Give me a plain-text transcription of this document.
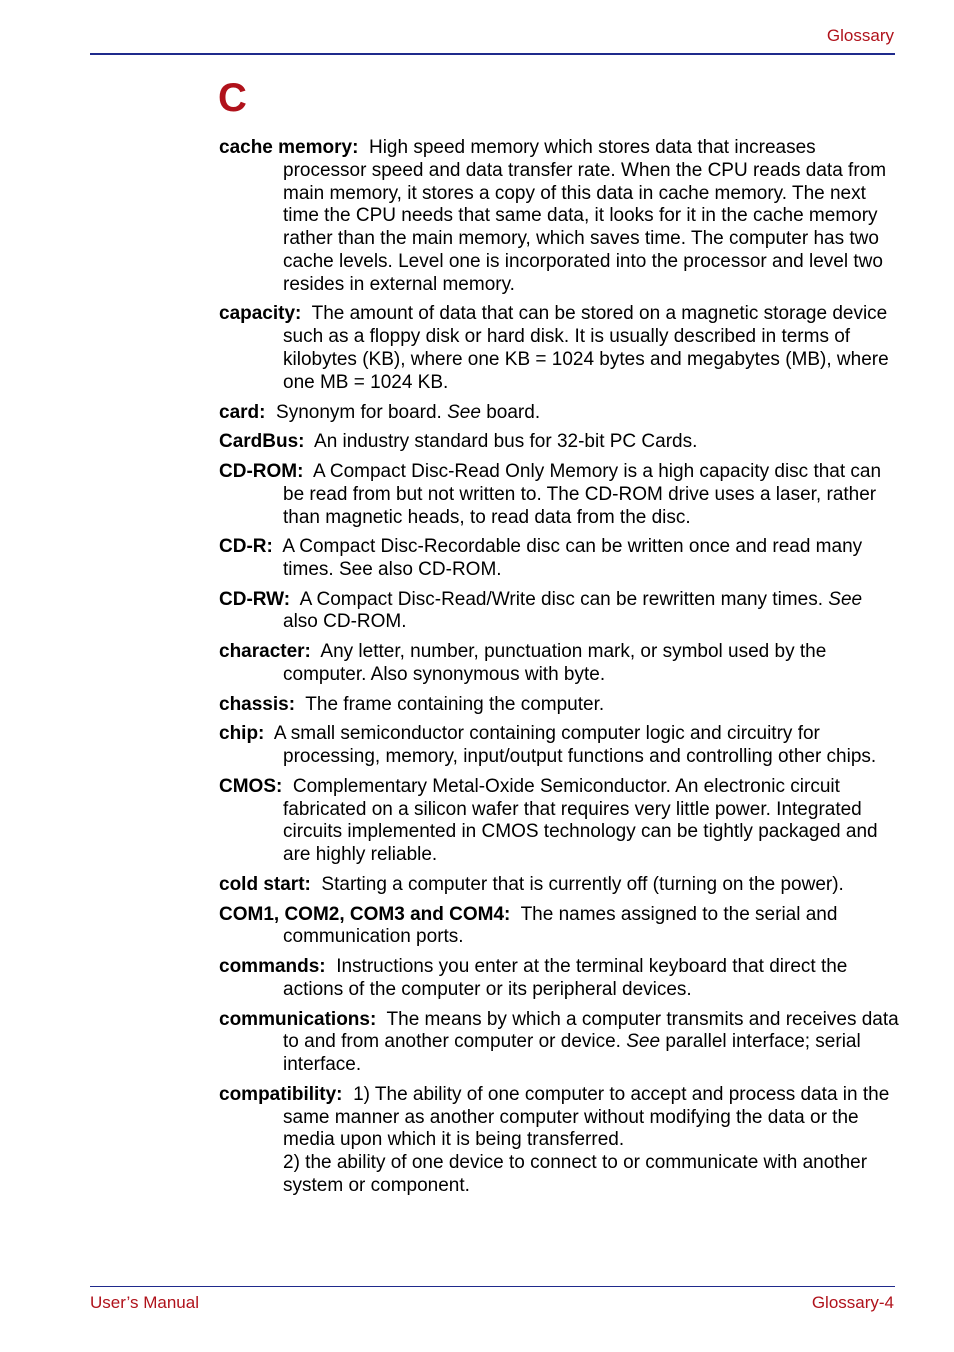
Glossary
C

cache memory: High speed memory which stores data that increases processor speed and data transfer rate. When the CPU reads data from main memory, it stores a copy of this data in cache memory. The next time the CPU needs that same data, it looks for it in the cache memory rather than the main memory, which saves time. The computer has two cache levels. Level one is incorporated into the processor and level two resides in external memory.

capacity: The amount of data that can be stored on a magnetic storage device such as a floppy disk or hard disk. It is usually described in terms of kilobytes (KB), where one KB = 1024 bytes and megabytes (MB), where one MB = 1024 KB.

card: Synonym for board. See board.

CardBus: An industry standard bus for 32-bit PC Cards.

CD-ROM: A Compact Disc-Read Only Memory is a high capacity disc that can be read from but not written to. The CD-ROM drive uses a laser, rather than magnetic heads, to read data from the disc.

CD-R: A Compact Disc-Recordable disc can be written once and read many times. See also CD-ROM.

CD-RW: A Compact Disc-Read/Write disc can be rewritten many times. See also CD-ROM.

character: Any letter, number, punctuation mark, or symbol used by the computer. Also synonymous with byte.

chassis: The frame containing the computer.

chip: A small semiconductor containing computer logic and circuitry for processing, memory, input/output functions and controlling other chips.

CMOS: Complementary Metal-Oxide Semiconductor. An electronic circuit fabricated on a silicon wafer that requires very little power. Integrated circuits implemented in CMOS technology can be tightly packaged and are highly reliable.

cold start: Starting a computer that is currently off (turning on the power).

COM1, COM2, COM3 and COM4: The names assigned to the serial and communication ports.

commands: Instructions you enter at the terminal keyboard that direct the actions of the computer or its peripheral devices.

communications: The means by which a computer transmits and receives data to and from another computer or device. See parallel interface; serial interface.

compatibility: 1) The ability of one computer to accept and process data in the same manner as another computer without modifying the data or the media upon which it is being transferred.
2) the ability of one device to connect to or communicate with another system or component.

User’s Manual	Glossary-4
